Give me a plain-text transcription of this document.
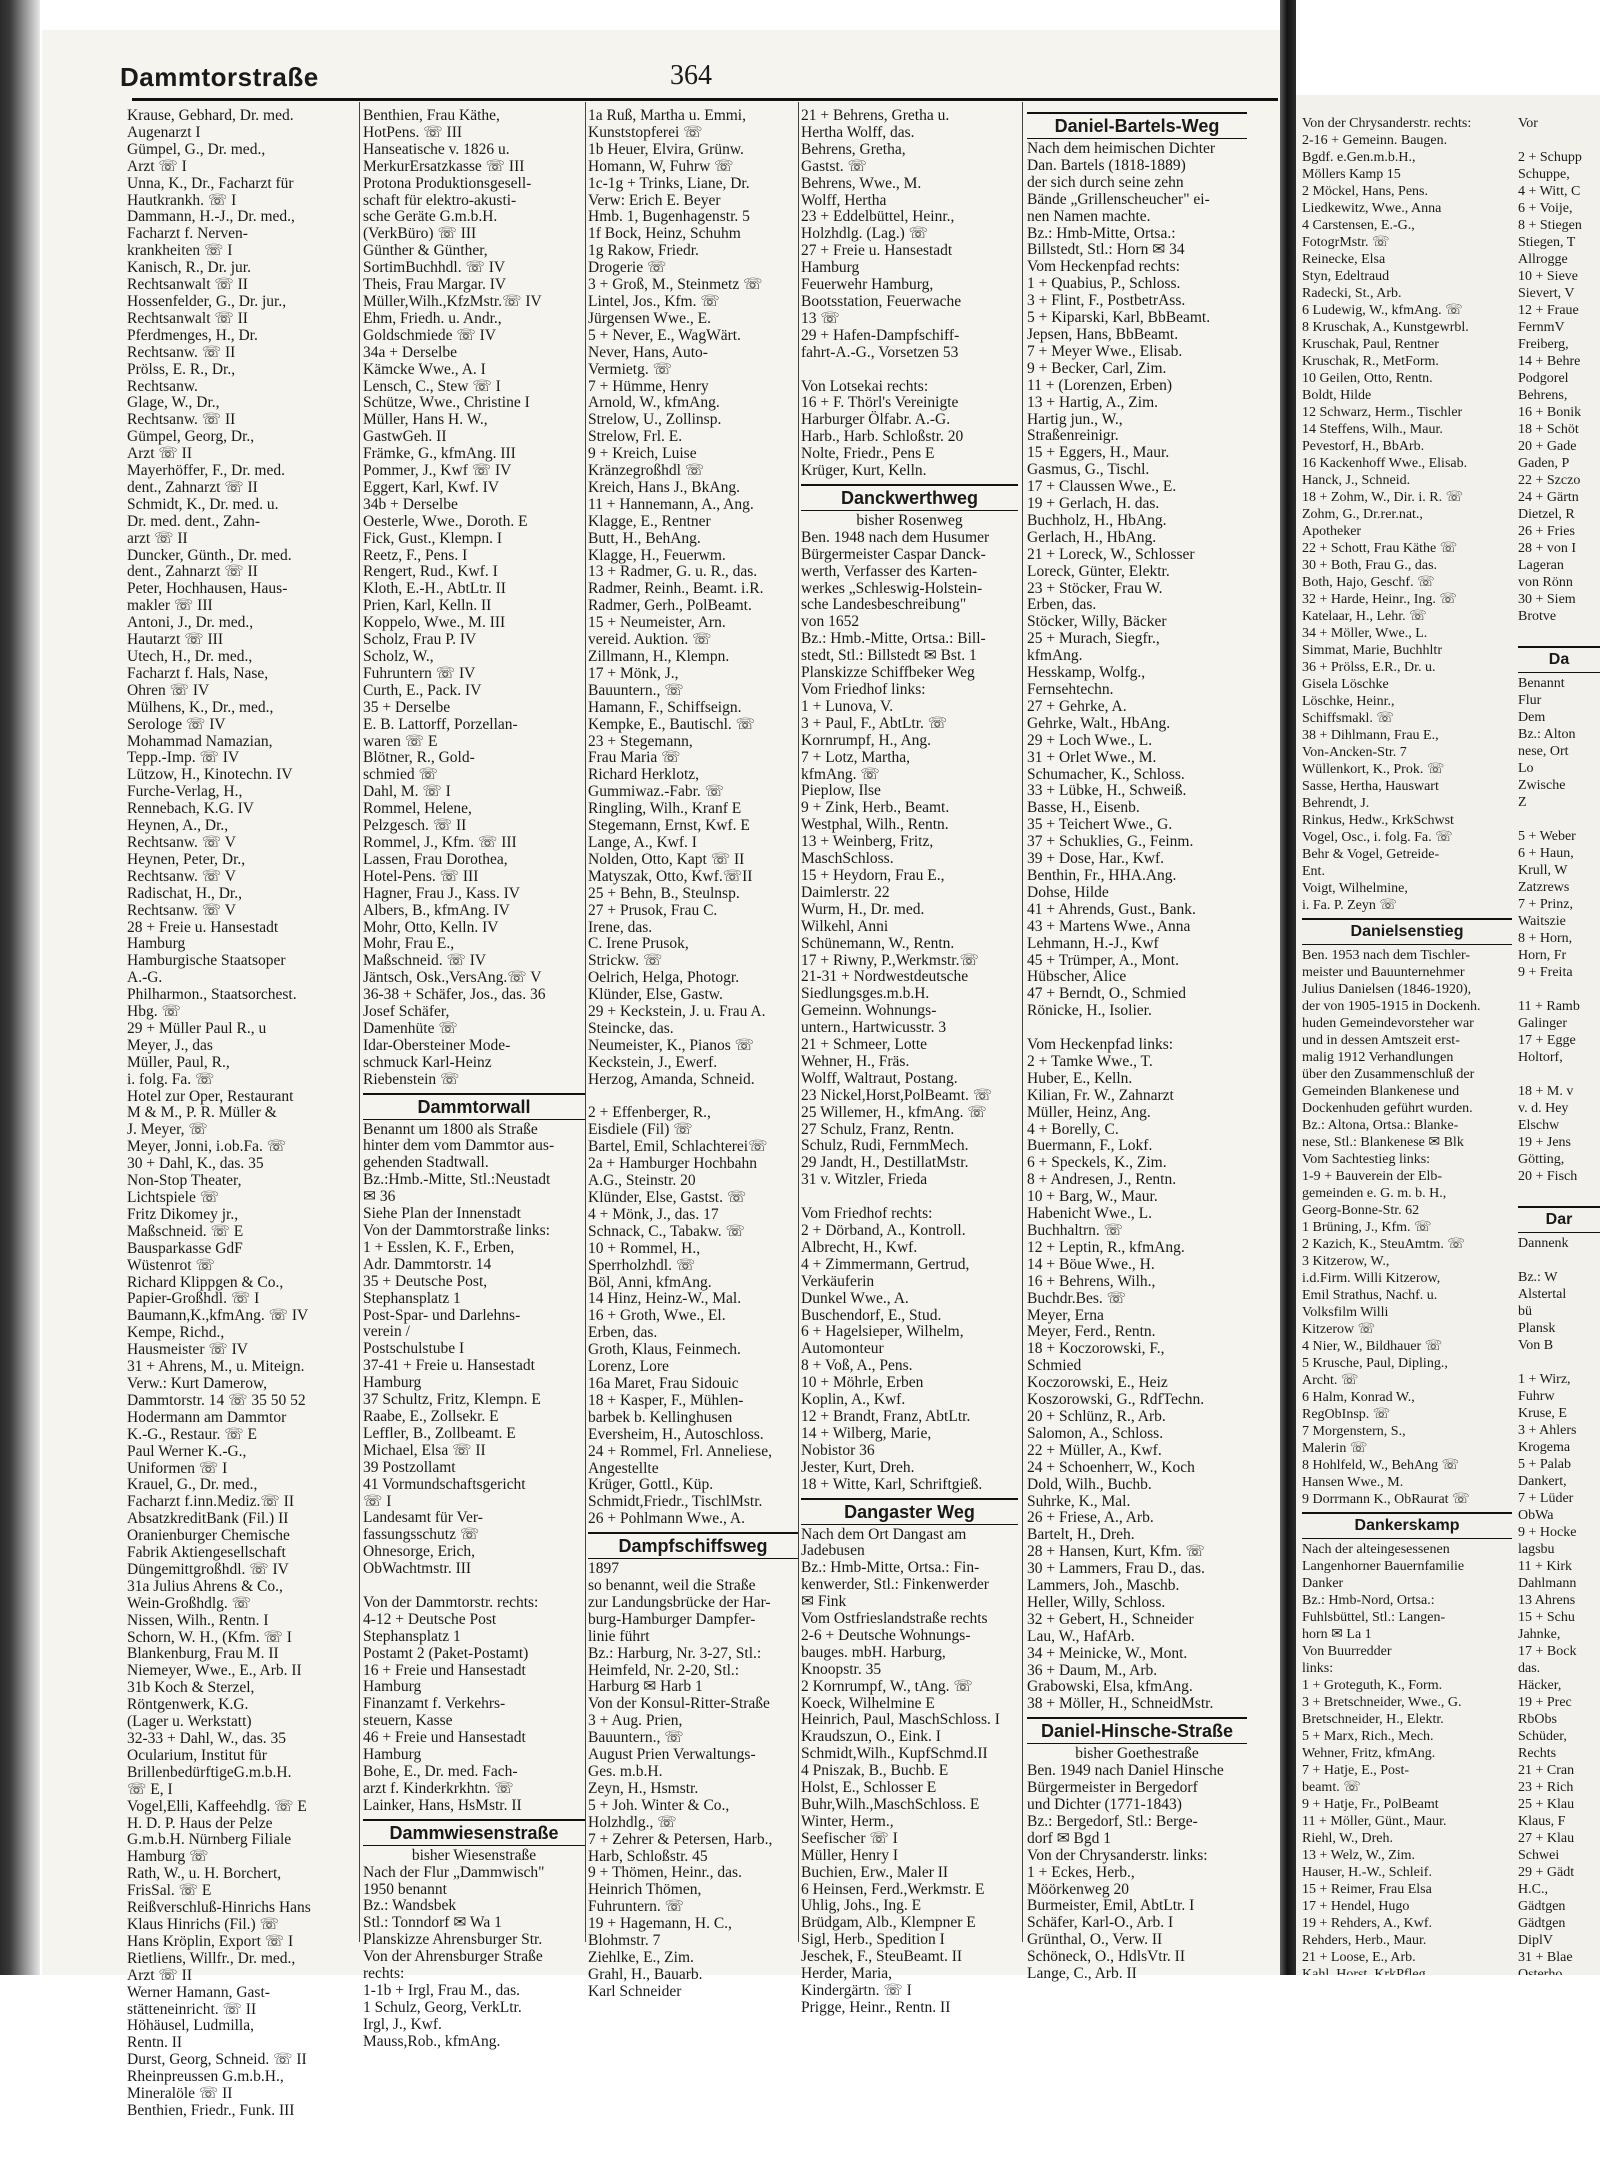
Von der Chrysanderstr. rechts:
2-16 + Gemeinn. Baugen.
Bgdf. e.Gen.m.b.H.,
Möllers Kamp 15
2 Möckel, Hans, Pens.
Liedkewitz, Wwe., Anna
4 Carstensen, E.-G.,
FotogrMstr. ☏
Reinecke, Elsa
Styn, Edeltraud
Radecki, St., Arb.
6 Ludewig, W., kfmAng. ☏
8 Kruschak, A., Kunstgewrbl.
Kruschak, Paul, Rentner
Kruschak, R., MetForm.
10 Geilen, Otto, Rentn.
Boldt, Hilde
12 Schwarz, Herm., Tischler
14 Steffens, Wilh., Maur.
Pevestorf, H., BbArb.
16 Kackenhoff Wwe., Elisab.
Hanck, J., Schneid.
18 + Zohm, W., Dir. i. R. ☏
Zohm, G., Dr.rer.nat.,
Apotheker
22 + Schott, Frau Käthe ☏
30 + Both, Frau G., das.
Both, Hajo, Geschf. ☏
32 + Harde, Heinr., Ing. ☏
Katelaar, H., Lehr. ☏
34 + Möller, Wwe., L.
Simmat, Marie, Buchhltr
36 + Prölss, E.R., Dr. u.
Gisela Löschke
Löschke, Heinr.,
Schiffsmakl. ☏
38 + Dihlmann, Frau E.,
Von-Ancken-Str. 7
Wüllenkort, K., Prok. ☏
Sasse, Hertha, Hauswart
Behrendt, J.
Rinkus, Hedw., KrkSchwst
Vogel, Osc., i. folg. Fa. ☏
Behr & Vogel, Getreide-
Ent.
Voigt, Wilhelmine,
i. Fa. P. Zeyn ☏
Danielsenstieg
Ben. 1953 nach dem Tischler-
meister und Bauunternehmer
Julius Danielsen (1846-1920),
der von 1905-1915 in Dockenh.
huden Gemeindevorsteher war
und in dessen Amtszeit erst-
malig 1912 Verhandlungen
über den Zusammenschluß der
Gemeinden Blankenese und
Dockenhuden geführt wurden.
Bz.: Altona, Ortsa.: Blanke-
nese, Stl.: Blankenese ✉ Blk
Vom Sachtestieg links:
1-9 + Bauverein der Elb-
gemeinden e. G. m. b. H.,
Georg-Bonne-Str. 62
1 Brüning, J., Kfm. ☏
2 Kazich, K., SteuAmtm. ☏
3 Kitzerow, W.,
i.d.Firm. Willi Kitzerow,
Emil Strathus, Nachf. u.
Volksfilm Willi
Kitzerow ☏
4 Nier, W., Bildhauer ☏
5 Krusche, Paul, Dipling.,
Archt. ☏
6 Halm, Konrad W.,
RegObInsp. ☏
7 Morgenstern, S.,
Malerin ☏
8 Hohlfeld, W., BehAng ☏
Hansen Wwe., M.
9 Dorrmann K., ObRaurat ☏
Dankerskamp
Nach der alteingesessenen
Langenhorner Bauernfamilie
Danker
Bz.: Hmb-Nord, Ortsa.:
Fuhlsbüttel, Stl.: Langen-
horn ✉ La 1
Von Buurredder
links:
1 + Groteguth, K., Form.
3 + Bretschneider, Wwe., G.
Bretschneider, H., Elektr.
5 + Marx, Rich., Mech.
Wehner, Fritz, kfmAng.
7 + Hatje, E., Post-
beamt. ☏
9 + Hatje, Fr., PolBeamt
11 + Möller, Günt., Maur.
Riehl, W., Dreh.
13 + Welz, W., Zim.
Hauser, H.-W., Schleif.
15 + Reimer, Frau Elsa
17 + Hendel, Hugo
19 + Rehders, A., Kwf.
Rehders, Herb., Maur.
21 + Loose, E., Arb.
Vor

2 + Schupp
Schuppe,
4 + Witt, C
6 + Voije,
8 + Stiegen
Stiegen, T
Allrogge
10 + Sieve
Sievert, V
12 + Fraue
FernmV
Freiberg,
14 + Behre
Podgorel
Behrens,
16 + Bonik
18 + Schöt
20 + Gade
Gaden, P
22 + Szczo
24 + Gärtn
Dietzel, R
26 + Fries
28 + von I
Lageran
von Rönn
30 + Siem
Brotve

Da
Benannt
Flur
Dem
Bz.: Alton
nese, Ort
Lo
Zwische
Z

5 + Weber
6 + Haun,
Krull, W
Zatzrews
7 + Prinz,
Waitszie
8 + Horn,
Horn, Fr
9 + Freita

11 + Ramb
Galinger
17 + Egge
Holtorf,

18 + M. v
v. d. Hey
Elschw
19 + Jens
Götting,
20 + Fisch

Dar
Dannenk

Bz.: W
Alstertal
bü
Plansk
Von B

1 + Wirz,
Fuhrw
Kruse, E
3 + Ahlers
Krogema
5 + Palab
Dankert,
7 + Lüder
ObWa
9 + Hocke
lagsbu
11 + Kirk
Dahlmann
13 Ahrens
15 + Schu
Jahnke,
17 + Bock
das.
Häcker,
19 + Prec
RbObs
Schüder,
Rechts
21 + Cran
23 + Rich
25 + Klau
Klaus, F
27 + Klau
Schwei
29 + Gädt
H.C.,
Gädtgen
Gädtgen
DiplV
31 + Blae
Dammtorstraße	364
Krause, Gebhard, Dr. med.
Augenarzt I
Gümpel, G., Dr. med.,
Arzt ☏ I
Unna, K., Dr., Facharzt für
Hautkrankh. ☏ I
Dammann, H.-J., Dr. med.,
Facharzt f. Nerven-
krankheiten ☏ I
Kanisch, R., Dr. jur.
Rechtsanwalt ☏ II
Hossenfelder, G., Dr. jur.,
Rechtsanwalt ☏ II
Pferdmenges, H., Dr.
Rechtsanw. ☏ II
Prölss, E. R., Dr.,
Rechtsanw.
Glage, W., Dr.,
Rechtsanw. ☏ II
Gümpel, Georg, Dr.,
Arzt ☏ II
Mayerhöffer, F., Dr. med.
dent., Zahnarzt ☏ II
Schmidt, K., Dr. med. u.
Dr. med. dent., Zahn-
arzt ☏ II
Duncker, Günth., Dr. med.
dent., Zahnarzt ☏ II
Peter, Hochhausen, Haus-
makler ☏ III
Antoni, J., Dr. med.,
Hautarzt ☏ III
Utech, H., Dr. med.,
Facharzt f. Hals, Nase,
Ohren ☏ IV
Mülhens, K., Dr., med.,
Serologe ☏ IV
Mohammad Namazian,
Tepp.-Imp. ☏ IV
Lützow, H., Kinotechn. IV
Furche-Verlag, H.,
Rennebach, K.G. IV
Heynen, A., Dr.,
Rechtsanw. ☏ V
Heynen, Peter, Dr.,
Rechtsanw. ☏ V
Radischat, H., Dr.,
Rechtsanw. ☏ V
28 + Freie u. Hansestadt
Hamburg
Hamburgische Staatsoper
A.-G.
Philharmon., Staatsorchest.
Hbg. ☏
29 + Müller Paul R., u
Meyer, J., das
Müller, Paul, R.,
i. folg. Fa. ☏
Hotel zur Oper, Restaurant
M & M., P. R. Müller &
J. Meyer, ☏
Meyer, Jonni, i.ob.Fa. ☏
30 + Dahl, K., das. 35
Non-Stop Theater,
Lichtspiele ☏
Fritz Dikomey jr.,
Maßschneid. ☏ E
Bausparkasse GdF
Wüstenrot ☏
Richard Klippgen & Co.,
Papier-Großhdl. ☏ I
Baumann,K.,kfmAng. ☏ IV
Kempe, Richd.,
Hausmeister ☏ IV
31 + Ahrens, M., u. Miteign.
Verw.: Kurt Damerow,
Dammtorstr. 14 ☏ 35 50 52
Hodermann am Dammtor
K.-G., Restaur. ☏ E
Paul Werner K.-G.,
Uniformen ☏ I
Krauel, G., Dr. med.,
Facharzt f.inn.Mediz.☏ II
AbsatzkreditBank (Fil.) II
Oranienburger Chemische
Fabrik Aktiengesellschaft
Düngemittgroßhdl. ☏ IV
31a Julius Ahrens & Co.,
Wein-Großhdlg. ☏
Nissen, Wilh., Rentn. I
Schorn, W. H., (Kfm. ☏ I
Blankenburg, Frau M. II
Niemeyer, Wwe., E., Arb. II
31b Koch & Sterzel,
Röntgenwerk, K.G.
(Lager u. Werkstatt)
32-33 + Dahl, W., das. 35
Ocularium, Institut für
BrillenbedürftigeG.m.b.H.
☏ E, I
Vogel,Elli, Kaffeehdlg. ☏ E
H. D. P. Haus der Pelze
G.m.b.H. Nürnberg Filiale
Hamburg ☏
Rath, W., u. H. Borchert,
FrisSal. ☏ E
Reißverschluß-Hinrichs Hans
Klaus Hinrichs (Fil.) ☏
Hans Kröplin, Export ☏ I
Rietliens, Willfr., Dr. med.,
Arzt ☏ II
Werner Hamann, Gast-
stätteneinricht. ☏ II
Höhäusel, Ludmilla,
Rentn. II
Durst, Georg, Schneid. ☏ II
Rheinpreussen G.m.b.H.,
Mineralöle ☏ II
Benthien, Friedr., Funk. III
Benthien, Frau Käthe,
HotPens. ☏ III
Hanseatische v. 1826 u.
MerkurErsatzkasse ☏ III
Protona Produktionsgesell-
schaft für elektro-akusti-
sche Geräte G.m.b.H.
(VerkBüro) ☏ III
Günther & Günther,
SortimBuchhdl. ☏ IV
Theis, Frau Margar. IV
Müller,Wilh.,KfzMstr.☏ IV
Ehm, Friedh. u. Andr.,
Goldschmiede ☏ IV
34a + Derselbe
Kämcke Wwe., A. I
Lensch, C., Stew ☏ I
Schütze, Wwe., Christine I
Müller, Hans H. W.,
GastwGeh. II
Främke, G., kfmAng. III
Pommer, J., Kwf ☏ IV
Eggert, Karl, Kwf. IV
34b + Derselbe
Oesterle, Wwe., Doroth. E
Fick, Gust., Klempn. I
Reetz, F., Pens. I
Rengert, Rud., Kwf. I
Kloth, E.-H., AbtLtr. II
Prien, Karl, Kelln. II
Koppelo, Wwe., M. III
Scholz, Frau P. IV
Scholz, W.,
Fuhruntern ☏ IV
Curth, E., Pack. IV
35 + Derselbe
E. B. Lattorff, Porzellan-
waren ☏ E
Blötner, R., Gold-
schmied ☏
Dahl, M. ☏ I
Rommel, Helene,
Pelzgesch. ☏ II
Rommel, J., Kfm. ☏ III
Lassen, Frau Dorothea,
Hotel-Pens. ☏ III
Hagner, Frau J., Kass. IV
Albers, B., kfmAng. IV
Mohr, Otto, Kelln. IV
Mohr, Frau E.,
Maßschneid. ☏ IV
Jäntsch, Osk.,VersAng.☏ V
36-38 + Schäfer, Jos., das. 36
Josef Schäfer,
Damenhüte ☏
Idar-Obersteiner Mode-
schmuck Karl-Heinz
Riebenstein ☏
Dammtorwall
Benannt um 1800 als Straße
hinter dem vom Dammtor aus-
gehenden Stadtwall.
Bz.:Hmb.-Mitte, Stl.:Neustadt
✉ 36
Siehe Plan der Innenstadt
Von der Dammtorstraße links:
1 + Esslen, K. F., Erben,
Adr. Dammtorstr. 14
35 + Deutsche Post,
Stephansplatz 1
Post-Spar- und Darlehns-
verein /
Postschulstube I
37-41 + Freie u. Hansestadt
Hamburg
37 Schultz, Fritz, Klempn. E
Raabe, E., Zollsekr. E
Leffler, B., Zollbeamt. E
Michael, Elsa ☏ II
39 Postzollamt
41 Vormundschaftsgericht
☏ I
Landesamt für Ver-
fassungsschutz ☏
Ohnesorge, Erich,
ObWachtmstr. III

Von der Dammtorstr. rechts:
4-12 + Deutsche Post
Stephansplatz 1
Postamt 2 (Paket-Postamt)
16 + Freie und Hansestadt
Hamburg
Finanzamt f. Verkehrs-
steuern, Kasse
46 + Freie und Hansestadt
Hamburg
Bohe, E., Dr. med. Fach-
arzt f. Kinderkrkhtn. ☏
Lainker, Hans, HsMstr. II
Dammwiesenstraße
bisher Wiesenstraße
Nach der Flur „Dammwisch"
1950 benannt
Bz.: Wandsbek
Stl.: Tonndorf ✉ Wa 1
Planskizze Ahrensburger Str.
Von der Ahrensburger Straße
rechts:
1-1b + Irgl, Frau M., das.
1 Schulz, Georg, VerkLtr.
Irgl, J., Kwf.
Mauss,Rob., kfmAng.
1a Ruß, Martha u. Emmi,
Kunststopferei ☏
1b Heuer, Elvira, Grünw.
Homann, W, Fuhrw ☏
1c-1g + Trinks, Liane, Dr.
Verw: Erich E. Beyer
Hmb. 1, Bugenhagenstr. 5
1f Bock, Heinz, Schuhm
1g Rakow, Friedr.
Drogerie ☏
3 + Groß, M., Steinmetz ☏
Lintel, Jos., Kfm. ☏
Jürgensen Wwe., E.
5 + Never, E., WagWärt.
Never, Hans, Auto-
Vermietg. ☏
7 + Hümme, Henry
Arnold, W., kfmAng.
Strelow, U., Zollinsp.
Strelow, Frl. E.
9 + Kreich, Luise
Kränzegroßhdl ☏
Kreich, Hans J., BkAng.
11 + Hannemann, A., Ang.
Klagge, E., Rentner
Butt, H., BehAng.
Klagge, H., Feuerwm.
13 + Radmer, G. u. R., das.
Radmer, Reinh., Beamt. i.R.
Radmer, Gerh., PolBeamt.
15 + Neumeister, Arn.
vereid. Auktion. ☏
Zillmann, H., Klempn.
17 + Mönk, J.,
Bauuntern., ☏
Hamann, F., Schiffseign.
Kempke, E., Bautischl. ☏
23 + Stegemann,
Frau Maria ☏
Richard Herklotz,
Gummiwaz.-Fabr. ☏
Ringling, Wilh., Kranf E
Stegemann, Ernst, Kwf. E
Lange, A., Kwf. I
Nolden, Otto, Kapt ☏ II
Matyszak, Otto, Kwf.☏II
25 + Behn, B., Steulnsp.
27 + Prusok, Frau C.
Irene, das.
C. Irene Prusok,
Strickw. ☏
Oelrich, Helga, Photogr.
Klünder, Else, Gastw.
29 + Keckstein, J. u. Frau A.
Steincke, das.
Neumeister, K., Pianos ☏
Keckstein, J., Ewerf.
Herzog, Amanda, Schneid.

2 + Effenberger, R.,
Eisdiele (Fil) ☏
Bartel, Emil, Schlachterei☏
2a + Hamburger Hochbahn
A.G., Steinstr. 20
Klünder, Else, Gastst. ☏
4 + Mönk, J., das. 17
Schnack, C., Tabakw. ☏
10 + Rommel, H.,
Sperrholzhdl. ☏
Böl, Anni, kfmAng.
14 Hinz, Heinz-W., Mal.
16 + Groth, Wwe., El.
Erben, das.
Groth, Klaus, Feinmech.
Lorenz, Lore
16a Maret, Frau Sidouic
18 + Kasper, F., Mühlen-
barbek b. Kellinghusen
Eversheim, H., Autoschloss.
24 + Rommel, Frl. Anneliese,
Angestellte
Krüger, Gottl., Küp.
Schmidt,Friedr., TischlMstr.
26 + Pohlmann Wwe., A.
Dampfschiffsweg
1897
so benannt, weil die Straße
zur Landungsbrücke der Har-
burg-Hamburger Dampfer-
linie führt
Bz.: Harburg, Nr. 3-27, Stl.:
Heimfeld, Nr. 2-20, Stl.:
Harburg ✉ Harb 1
Von der Konsul-Ritter-Straße
3 + Aug. Prien,
Bauuntern., ☏
August Prien Verwaltungs-
Ges. m.b.H.
Zeyn, H., Hsmstr.
5 + Joh. Winter & Co.,
Holzhdlg., ☏
7 + Zehrer & Petersen, Harb.,
Harb, Schloßstr. 45
9 + Thömen, Heinr., das.
Heinrich Thömen,
Fuhruntern. ☏
19 + Hagemann, H. C.,
Blohmstr. 7
Ziehlke, E., Zim.
Grahl, H., Bauarb.
Karl Schneider
21 + Behrens, Gretha u.
Hertha Wolff, das.
Behrens, Gretha,
Gastst. ☏
Behrens, Wwe., M.
Wolff, Hertha
23 + Eddelbüttel, Heinr.,
Holzhdlg. (Lag.) ☏
27 + Freie u. Hansestadt
Hamburg
Feuerwehr Hamburg,
Bootsstation, Feuerwache
13 ☏
29 + Hafen-Dampfschiff-
fahrt-A.-G., Vorsetzen 53

Von Lotsekai rechts:
16 + F. Thörl's Vereinigte
Harburger Ölfabr. A.-G.
Harb., Harb. Schloßstr. 20
Nolte, Friedr., Pens E
Krüger, Kurt, Kelln.
Danckwerthweg
bisher Rosenweg
Ben. 1948 nach dem Husumer
Bürgermeister Caspar Danck-
werth, Verfasser des Karten-
werkes „Schleswig-Holstein-
sche Landesbeschreibung"
von 1652
Bz.: Hmb.-Mitte, Ortsa.: Bill-
stedt, Stl.: Billstedt ✉ Bst. 1
Planskizze Schiffbeker Weg
Vom Friedhof links:
1 + Lunova, V.
3 + Paul, F., AbtLtr. ☏
Kornrumpf, H., Ang.
7 + Lotz, Martha,
kfmAng. ☏
Pieplow, Ilse
9 + Zink, Herb., Beamt.
Westphal, Wilh., Rentn.
13 + Weinberg, Fritz,
MaschSchloss.
15 + Heydorn, Frau E.,
Daimlerstr. 22
Wurm, H., Dr. med.
Wilkehl, Anni
Schünemann, W., Rentn.
17 + Riwny, P.,Werkmstr.☏
21-31 + Nordwestdeutsche
Siedlungsges.m.b.H.
Gemeinn. Wohnungs-
untern., Hartwicusstr. 3
21 + Schmeer, Lotte
Wehner, H., Fräs.
Wolff, Waltraut, Postang.
23 Nickel,Horst,PolBeamt. ☏
25 Willemer, H., kfmAng. ☏
27 Schulz, Franz, Rentn.
Schulz, Rudi, FernmMech.
29 Jandt, H., DestillatMstr.
31 v. Witzler, Frieda

Vom Friedhof rechts:
2 + Dörband, A., Kontroll.
Albrecht, H., Kwf.
4 + Zimmermann, Gertrud,
Verkäuferin
Dunkel Wwe., A.
Buschendorf, E., Stud.
6 + Hagelsieper, Wilhelm,
Automonteur
8 + Voß, A., Pens.
10 + Möhrle, Erben
Koplin, A., Kwf.
12 + Brandt, Franz, AbtLtr.
14 + Wilberg, Marie,
Nobistor 36
Jester, Kurt, Dreh.
18 + Witte, Karl, Schriftgieß.
Dangaster Weg
Nach dem Ort Dangast am
Jadebusen
Bz.: Hmb-Mitte, Ortsa.: Fin-
kenwerder, Stl.: Finkenwerder
✉ Fink
Vom Ostfrieslandstraße rechts
2-6 + Deutsche Wohnungs-
bauges. mbH. Harburg,
Knoopstr. 35
2 Kornrumpf, W., tAng. ☏
Koeck, Wilhelmine E
Heinrich, Paul, MaschSchloss. I
Kraudszun, O., Eink. I
Schmidt,Wilh., KupfSchmd.II
4 Pniszak, B., Buchb. E
Holst, E., Schlosser E
Buhr,Wilh.,MaschSchloss. E
Winter, Herm.,
Seefischer ☏ I
Müller, Henry I
Buchien, Erw., Maler II
6 Heinsen, Ferd.,Werkmstr. E
Uhlig, Johs., Ing. E
Brüdgam, Alb., Klempner E
Sigl, Herb., Spedition I
Jeschek, F., SteuBeamt. II
Herder, Maria,
Kindergärtn. ☏ I
Prigge, Heinr., Rentn. II
Daniel-Bartels-Weg
Nach dem heimischen Dichter
Dan. Bartels (1818-1889)
der sich durch seine zehn
Bände „Grillenscheucher" ei-
nen Namen machte.
Bz.: Hmb-Mitte, Ortsa.:
Billstedt, Stl.: Horn ✉ 34
Vom Heckenpfad rechts:
1 + Quabius, P., Schloss.
3 + Flint, F., PostbetrAss.
5 + Kiparski, Karl, BbBeamt.
Jepsen, Hans, BbBeamt.
7 + Meyer Wwe., Elisab.
9 + Becker, Carl, Zim.
11 + (Lorenzen, Erben)
13 + Hartig, A., Zim.
Hartig jun., W.,
Straßenreinigr.
15 + Eggers, H., Maur.
Gasmus, G., Tischl.
17 + Claussen Wwe., E.
19 + Gerlach, H. das.
Buchholz, H., HbAng.
Gerlach, H., HbAng.
21 + Loreck, W., Schlosser
Loreck, Günter, Elektr.
23 + Stöcker, Frau W.
Erben, das.
Stöcker, Willy, Bäcker
25 + Murach, Siegfr.,
kfmAng.
Hesskamp, Wolfg.,
Fernsehtechn.
27 + Gehrke, A.
Gehrke, Walt., HbAng.
29 + Loch Wwe., L.
31 + Orlet Wwe., M.
Schumacher, K., Schloss.
33 + Lübke, H., Schweiß.
Basse, H., Eisenb.
35 + Teichert Wwe., G.
37 + Schuklies, G., Feinm.
39 + Dose, Har., Kwf.
Benthin, Fr., HHA.Ang.
Dohse, Hilde
41 + Ahrends, Gust., Bank.
43 + Martens Wwe., Anna
Lehmann, H.-J., Kwf
45 + Trümper, A., Mont.
Hübscher, Alice
47 + Berndt, O., Schmied
Rönicke, H., Isolier.

Vom Heckenpfad links:
2 + Tamke Wwe., T.
Huber, E., Kelln.
Kilian, Fr. W., Zahnarzt
Müller, Heinz, Ang.
4 + Borelly, C.
Buermann, F., Lokf.
6 + Speckels, K., Zim.
8 + Andresen, J., Rentn.
10 + Barg, W., Maur.
Habenicht Wwe., L.
Buchhaltrn. ☏
12 + Leptin, R., kfmAng.
14 + Böue Wwe., H.
16 + Behrens, Wilh.,
Buchdr.Bes. ☏
Meyer, Erna
Meyer, Ferd., Rentn.
18 + Koczorowski, F.,
Schmied
Koczorowski, E., Heiz
Koszorowski, G., RdfTechn.
20 + Schlünz, R., Arb.
Salomon, A., Schloss.
22 + Müller, A., Kwf.
24 + Schoenherr, W., Koch
Dold, Wilh., Buchb.
Suhrke, K., Mal.
26 + Friese, A., Arb.
Bartelt, H., Dreh.
28 + Hansen, Kurt, Kfm. ☏
30 + Lammers, Frau D., das.
Lammers, Joh., Maschb.
Heller, Willy, Schloss.
32 + Gebert, H., Schneider
Lau, W., HafArb.
34 + Meinicke, W., Mont.
36 + Daum, M., Arb.
Grabowski, Elsa, kfmAng.
38 + Möller, H., SchneidMstr.
Daniel-Hinsche-Straße
bisher Goethestraße
Ben. 1949 nach Daniel Hinsche
Bürgermeister in Bergedorf
und Dichter (1771-1843)
Bz.: Bergedorf, Stl.: Berge-
dorf ✉ Bgd 1
Von der Chrysanderstr. links:
1 + Eckes, Herb.,
Möörkenweg 20
Burmeister, Emil, AbtLtr. I
Schäfer, Karl-O., Arb. I
Grünthal, O., Verw. II
Schöneck, O., HdlsVtr. II
Lange, C., Arb. II
